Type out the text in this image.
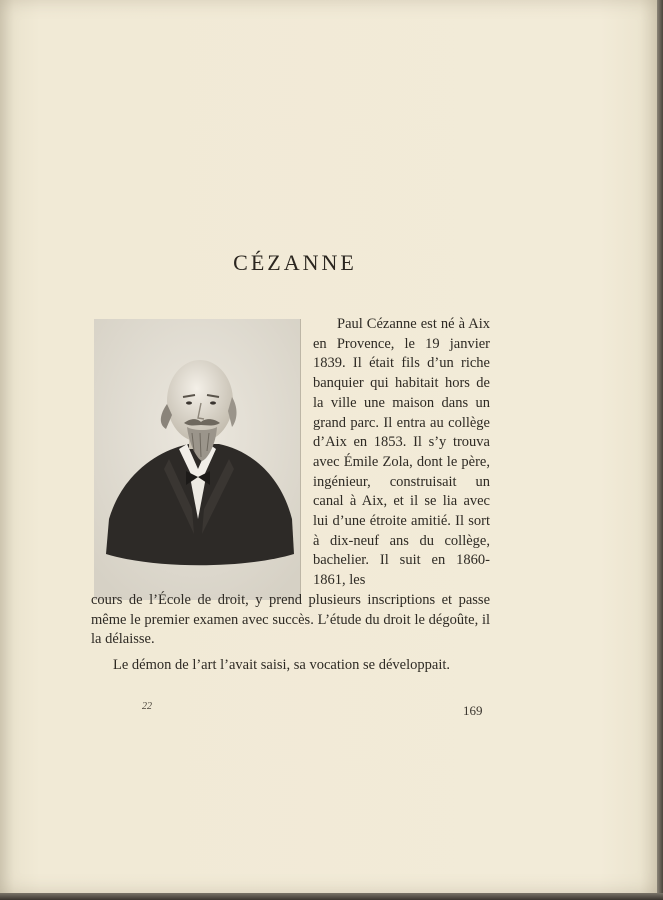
CÉZANNE

Paul Cézanne est né à Aix en Provence, le 19 janvier 1839. Il était fils d’un riche banquier qui habitait hors de la ville une maison dans un grand parc. Il entra au collège d’Aix en 1853. Il s’y trouva avec Émile Zola, dont le père, ingénieur, construisait un canal à Aix, et il se lia avec lui d’une étroite amitié. Il sort à dix-neuf ans du collège, bachelier. Il suit en 1860-1861, les

cours de l’École de droit, y prend plusieurs inscriptions et passe même le premier examen avec succès. L’étude du droit le dégoûte, il la délaisse.

Le démon de l’art l’avait saisi, sa vocation se développait.

22	169
